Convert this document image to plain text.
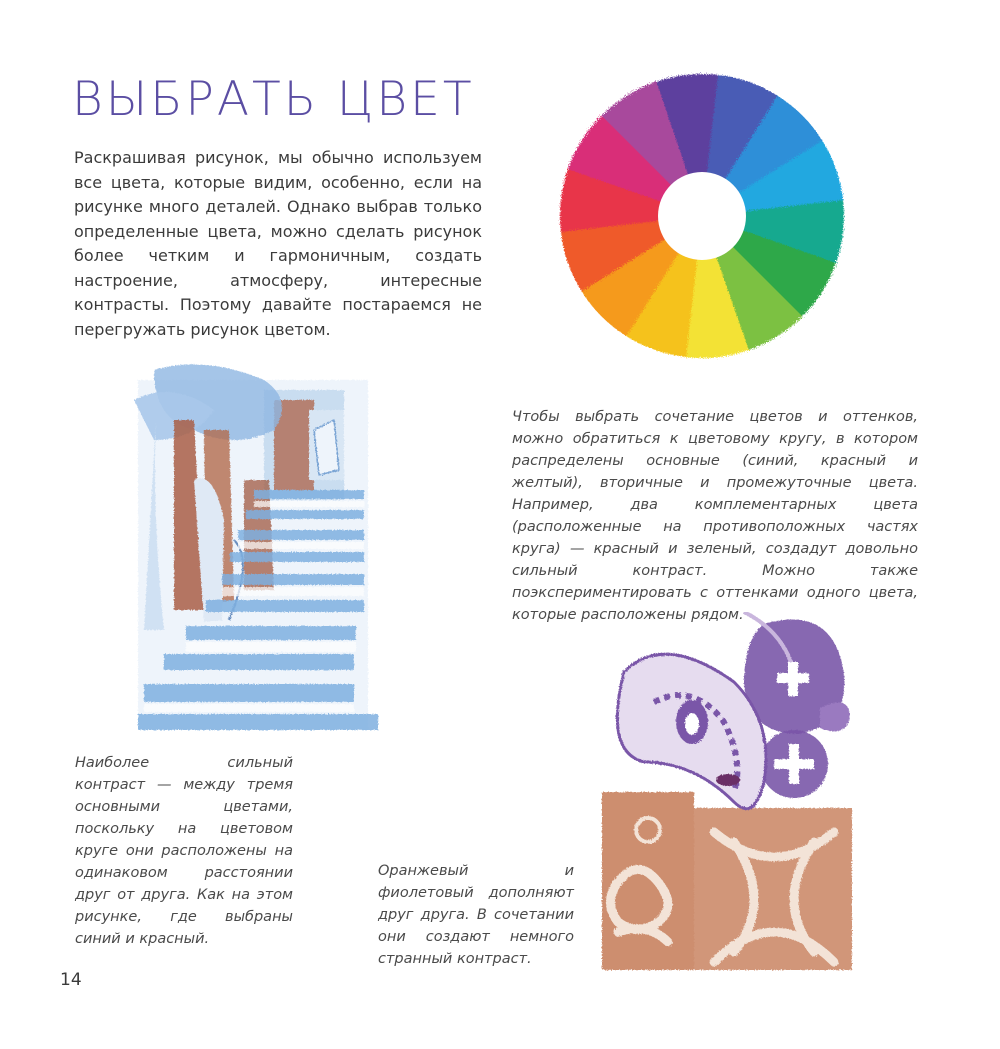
ВЫБРАТЬ ЦВЕТ

Раскрашивая рисунок, мы обычно используем все цвета, которые видим, особенно, если на рисунке много деталей. Однако выбрав только определенные цвета, можно сделать рисунок более четким и гармоничным, создать настроение, атмосферу, интересные контрасты. Поэтому давайте постараемся не перегружать рисунок цветом.

Чтобы выбрать сочетание цветов и оттенков, можно обратиться к цветовому кругу, в котором распределены основные (синий, красный и желтый), вторичные и промежуточные цвета. Например, два комплементарных цвета (расположенные на противоположных частях круга) — красный и зеленый, создадут довольно сильный контраст. Можно также поэкспериментировать с оттенками одного цвета, которые расположены рядом.

Наиболее сильный контраст — между тремя основными цветами, поскольку на цветовом круге они расположены на одинаковом расстоянии друг от друга. Как на этом рисунке, где выбраны синий и красный.

Оранжевый и фиолетовый дополняют друг друга. В сочетании они создают немного странный контраст.

14
